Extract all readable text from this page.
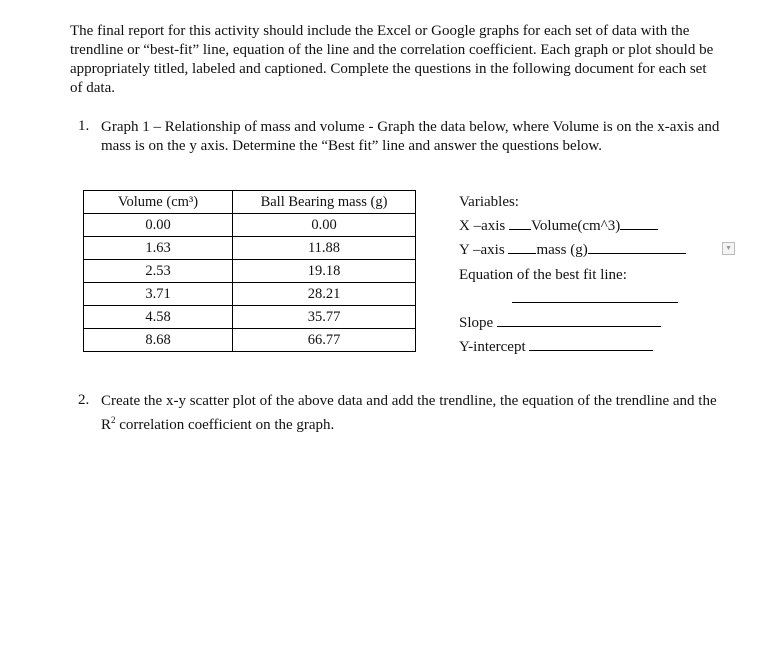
The final report for this activity should include the Excel or Google graphs for each set of data with the trendline or “best-fit” line, equation of the line and the correlation coefficient. Each graph or plot should be appropriately titled, labeled and captioned. Complete the questions in the following document for each set of data.

1. Graph 1 – Relationship of mass and volume - Graph the data below, where Volume is on the x-axis and mass is on the y axis. Determine the “Best fit” line and answer the questions below.

Volume (cm³)	Ball Bearing mass (g)
0.00	0.00
1.63	11.88
2.53	19.18
3.71	28.21
4.58	35.77
8.68	66.77
Variables:
X –axis Volume(cm^3)
Y –axis mass (g)
Equation of the best fit line:
Slope
Y-intercept
▼
2. Create the x-y scatter plot of the above data and add the trendline, the equation of the trendline and the $R^2$ correlation coefficient on the graph.
